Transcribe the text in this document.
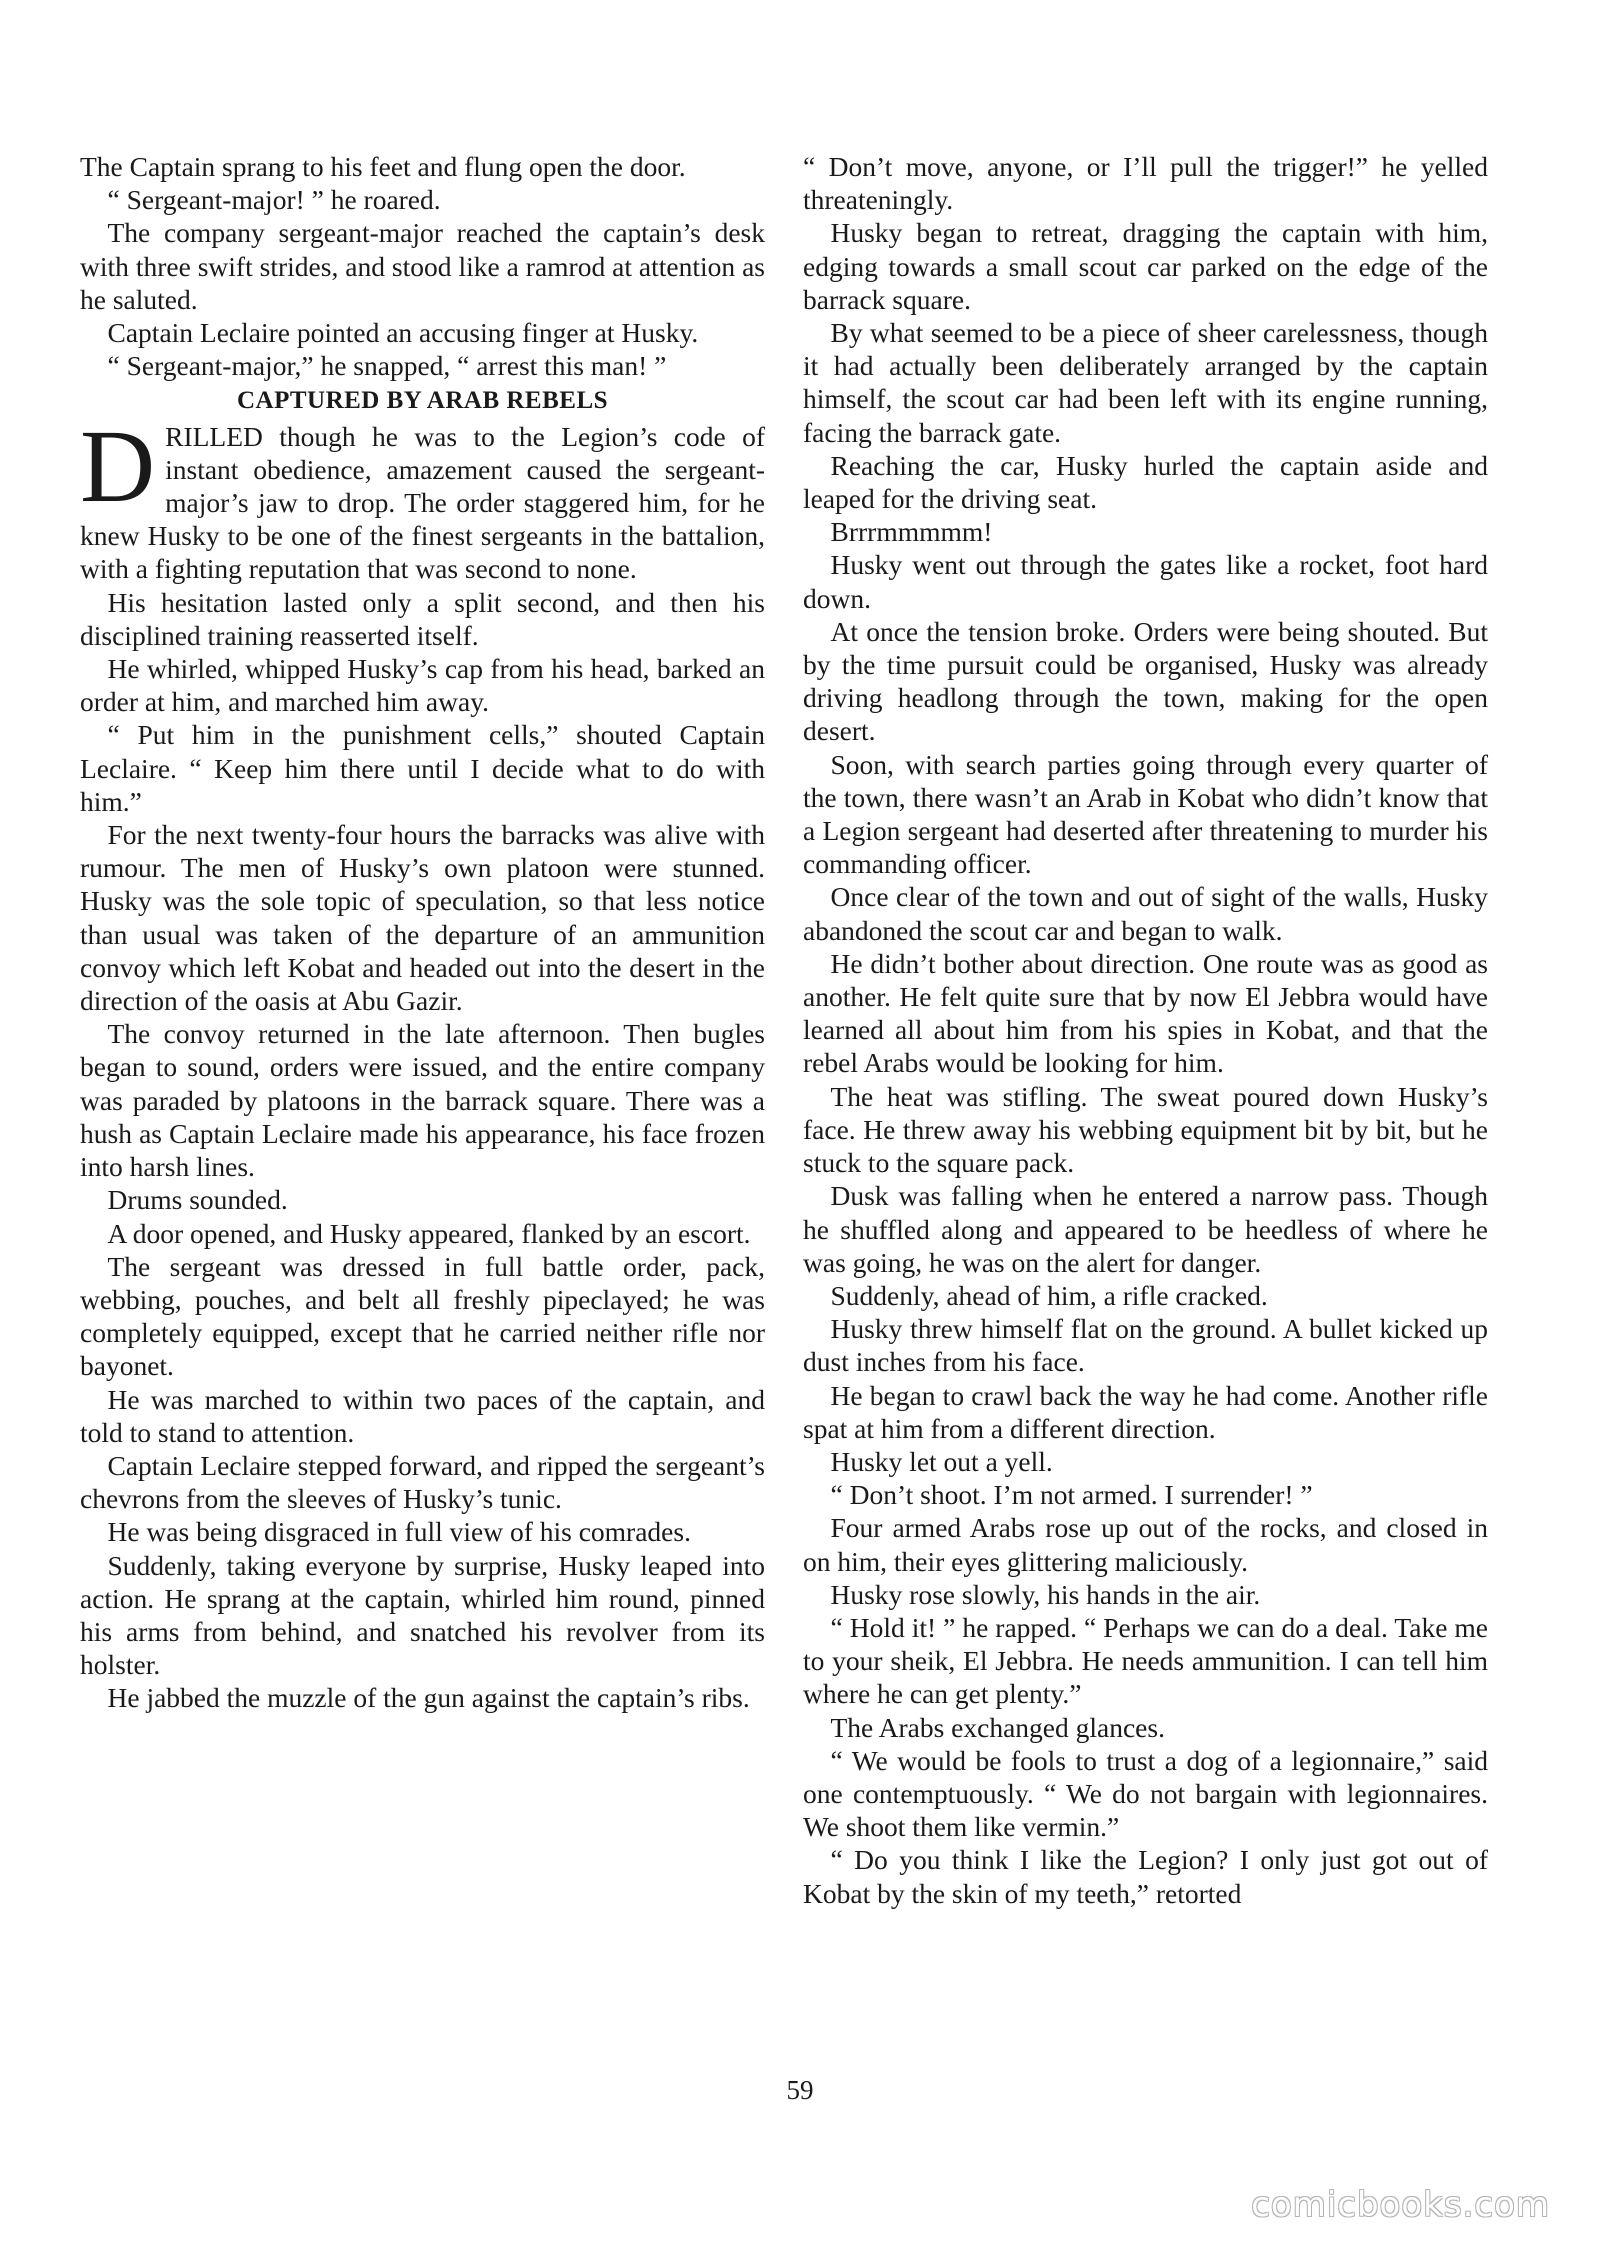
The Captain sprang to his feet and flung open the door.

“ Sergeant-major! ” he roared.

The company sergeant-major reached the captain’s desk with three swift strides, and stood like a ramrod at attention as he saluted.

Captain Leclaire pointed an accusing finger at Husky.

“ Sergeant-major,” he snapped, “ arrest this man! ”

CAPTURED BY ARAB REBELS

DRILLED though he was to the Legion’s code of instant obedience, amazement caused the sergeant-major’s jaw to drop. The order staggered him, for he knew Husky to be one of the finest sergeants in the battalion, with a fighting reputation that was second to none.

His hesitation lasted only a split second, and then his disciplined training reasserted itself.

He whirled, whipped Husky’s cap from his head, barked an order at him, and marched him away.

“ Put him in the punishment cells,” shouted Captain Leclaire. “ Keep him there until I decide what to do with him.”

For the next twenty-four hours the barracks was alive with rumour. The men of Husky’s own platoon were stunned. Husky was the sole topic of speculation, so that less notice than usual was taken of the departure of an ammunition convoy which left Kobat and headed out into the desert in the direction of the oasis at Abu Gazir.

The convoy returned in the late afternoon. Then bugles began to sound, orders were issued, and the entire company was paraded by platoons in the barrack square. There was a hush as Captain Leclaire made his appearance, his face frozen into harsh lines.

Drums sounded.

A door opened, and Husky appeared, flanked by an escort.

The sergeant was dressed in full battle order, pack, webbing, pouches, and belt all freshly pipeclayed; he was completely equipped, except that he carried neither rifle nor bayonet.

He was marched to within two paces of the captain, and told to stand to attention.

Captain Leclaire stepped forward, and ripped the sergeant’s chevrons from the sleeves of Husky’s tunic.

He was being disgraced in full view of his comrades.

Suddenly, taking everyone by surprise, Husky leaped into action. He sprang at the captain, whirled him round, pinned his arms from behind, and snatched his revolver from its holster.

He jabbed the muzzle of the gun against the captain’s ribs.

“ Don’t move, anyone, or I’ll pull the trigger!” he yelled threateningly.

Husky began to retreat, dragging the captain with him, edging towards a small scout car parked on the edge of the barrack square.

By what seemed to be a piece of sheer carelessness, though it had actually been deliberately arranged by the captain himself, the scout car had been left with its engine running, facing the barrack gate.

Reaching the car, Husky hurled the captain aside and leaped for the driving seat.

Brrrmmmmm!

Husky went out through the gates like a rocket, foot hard down.

At once the tension broke. Orders were being shouted. But by the time pursuit could be organised, Husky was already driving headlong through the town, making for the open desert.

Soon, with search parties going through every quarter of the town, there wasn’t an Arab in Kobat who didn’t know that a Legion sergeant had deserted after threatening to murder his commanding officer.

Once clear of the town and out of sight of the walls, Husky abandoned the scout car and began to walk.

He didn’t bother about direction. One route was as good as another. He felt quite sure that by now El Jebbra would have learned all about him from his spies in Kobat, and that the rebel Arabs would be looking for him.

The heat was stifling. The sweat poured down Husky’s face. He threw away his webbing equipment bit by bit, but he stuck to the square pack.

Dusk was falling when he entered a narrow pass. Though he shuffled along and appeared to be heedless of where he was going, he was on the alert for danger.

Suddenly, ahead of him, a rifle cracked.

Husky threw himself flat on the ground. A bullet kicked up dust inches from his face.

He began to crawl back the way he had come. Another rifle spat at him from a different direction.

Husky let out a yell.

“ Don’t shoot. I’m not armed. I surrender! ”

Four armed Arabs rose up out of the rocks, and closed in on him, their eyes glittering maliciously.

Husky rose slowly, his hands in the air.

“ Hold it! ” he rapped. “ Perhaps we can do a deal. Take me to your sheik, El Jebbra. He needs ammunition. I can tell him where he can get plenty.”

The Arabs exchanged glances.

“ We would be fools to trust a dog of a legionnaire,” said one contemptuously. “ We do not bargain with legionnaires. We shoot them like vermin.”

“ Do you think I like the Legion? I only just got out of Kobat by the skin of my teeth,” retorted

59
comicbooks.com
